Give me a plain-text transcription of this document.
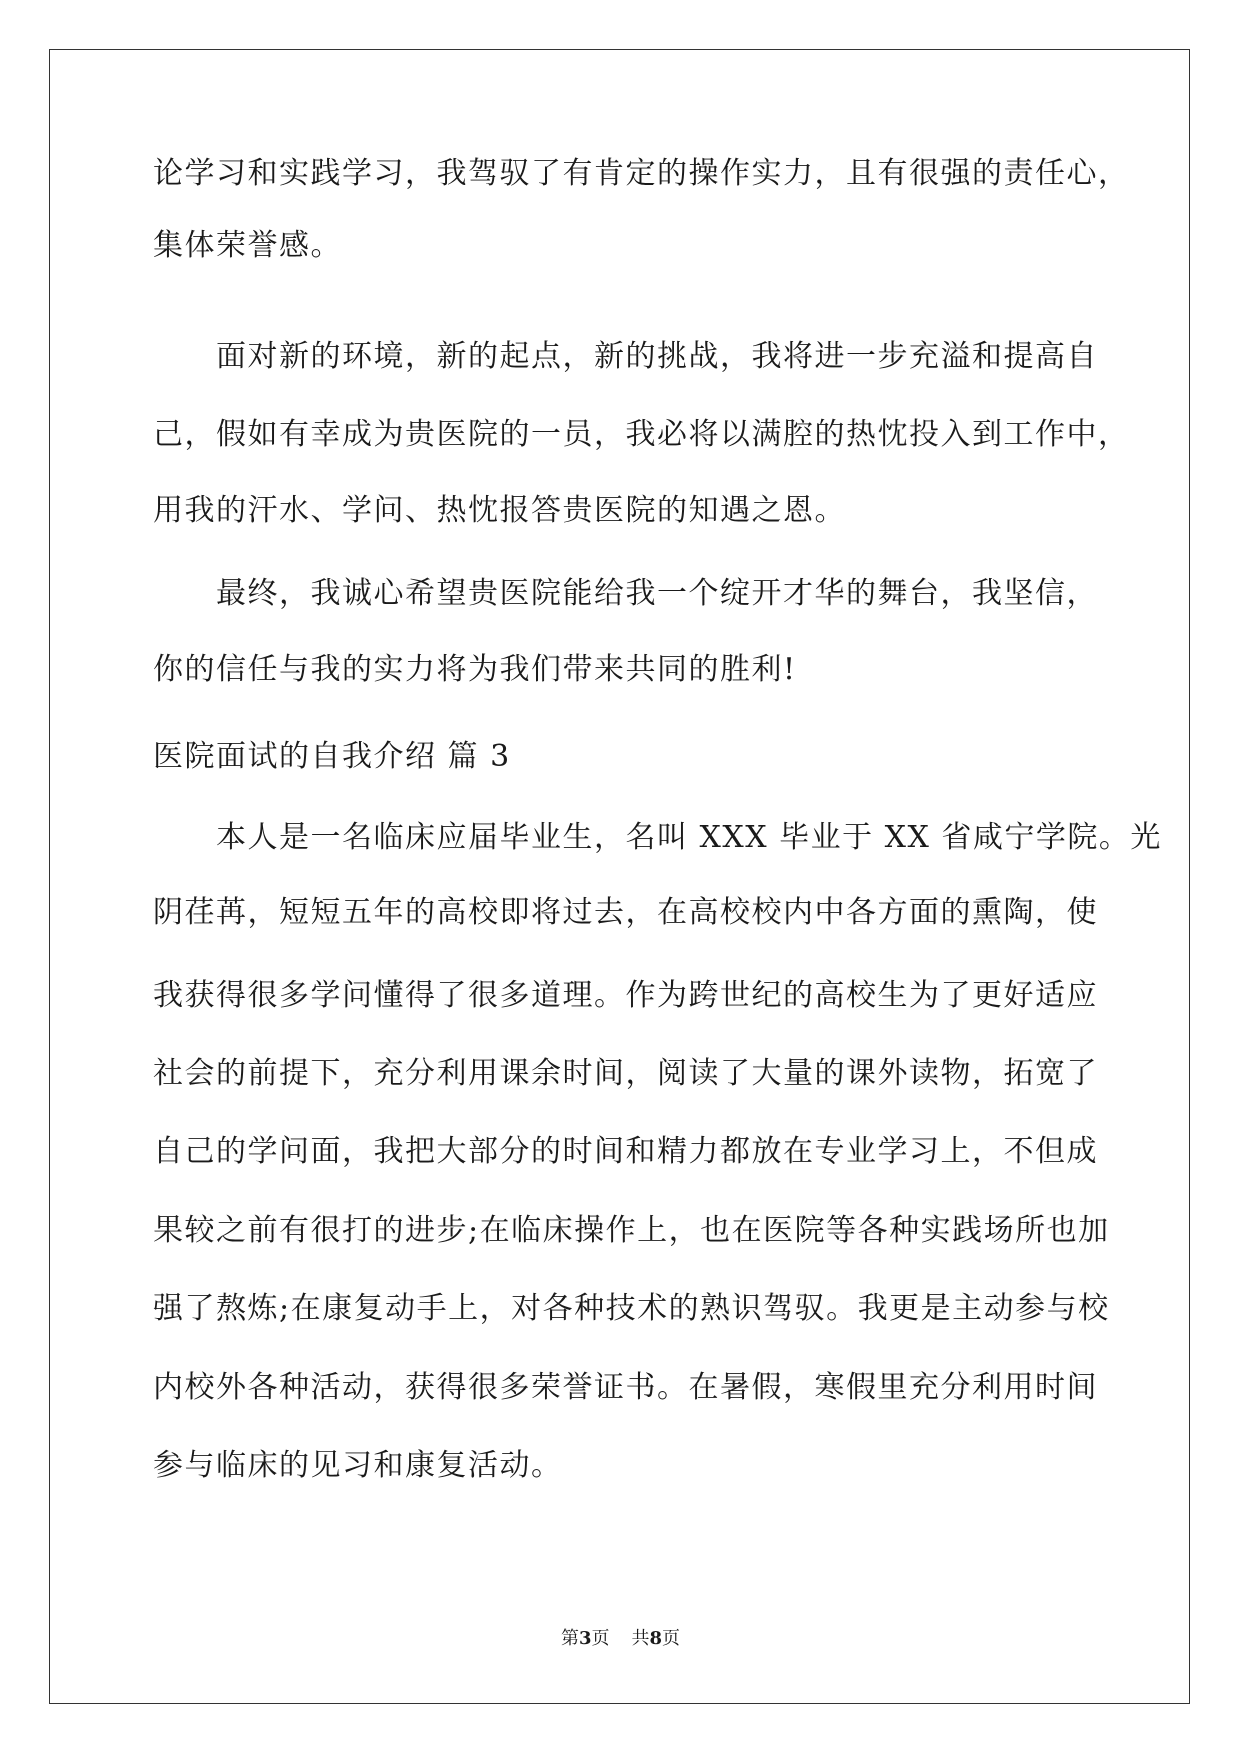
论学习和实践学习，我驾驭了有肯定的操作实力，且有很强的责任心，
集体荣誉感。
面对新的环境，新的起点，新的挑战，我将进一步充溢和提高自
己，假如有幸成为贵医院的一员，我必将以满腔的热忱投入到工作中，
用我的汗水、学问、热忱报答贵医院的知遇之恩。
最终，我诚心希望贵医院能给我一个绽开才华的舞台，我坚信，
你的信任与我的实力将为我们带来共同的胜利!
医院面试的自我介绍 篇 3
本人是一名临床应届毕业生，名叫 XXX 毕业于 XX 省咸宁学院。光
阴荏苒，短短五年的高校即将过去，在高校校内中各方面的熏陶，使
我获得很多学问懂得了很多道理。作为跨世纪的高校生为了更好适应
社会的前提下，充分利用课余时间，阅读了大量的课外读物，拓宽了
自己的学问面，我把大部分的时间和精力都放在专业学习上，不但成
果较之前有很打的进步;在临床操作上，也在医院等各种实践场所也加
强了熬炼;在康复动手上，对各种技术的熟识驾驭。我更是主动参与校
内校外各种活动，获得很多荣誉证书。在暑假，寒假里充分利用时间
参与临床的见习和康复活动。
第3页 共8页
